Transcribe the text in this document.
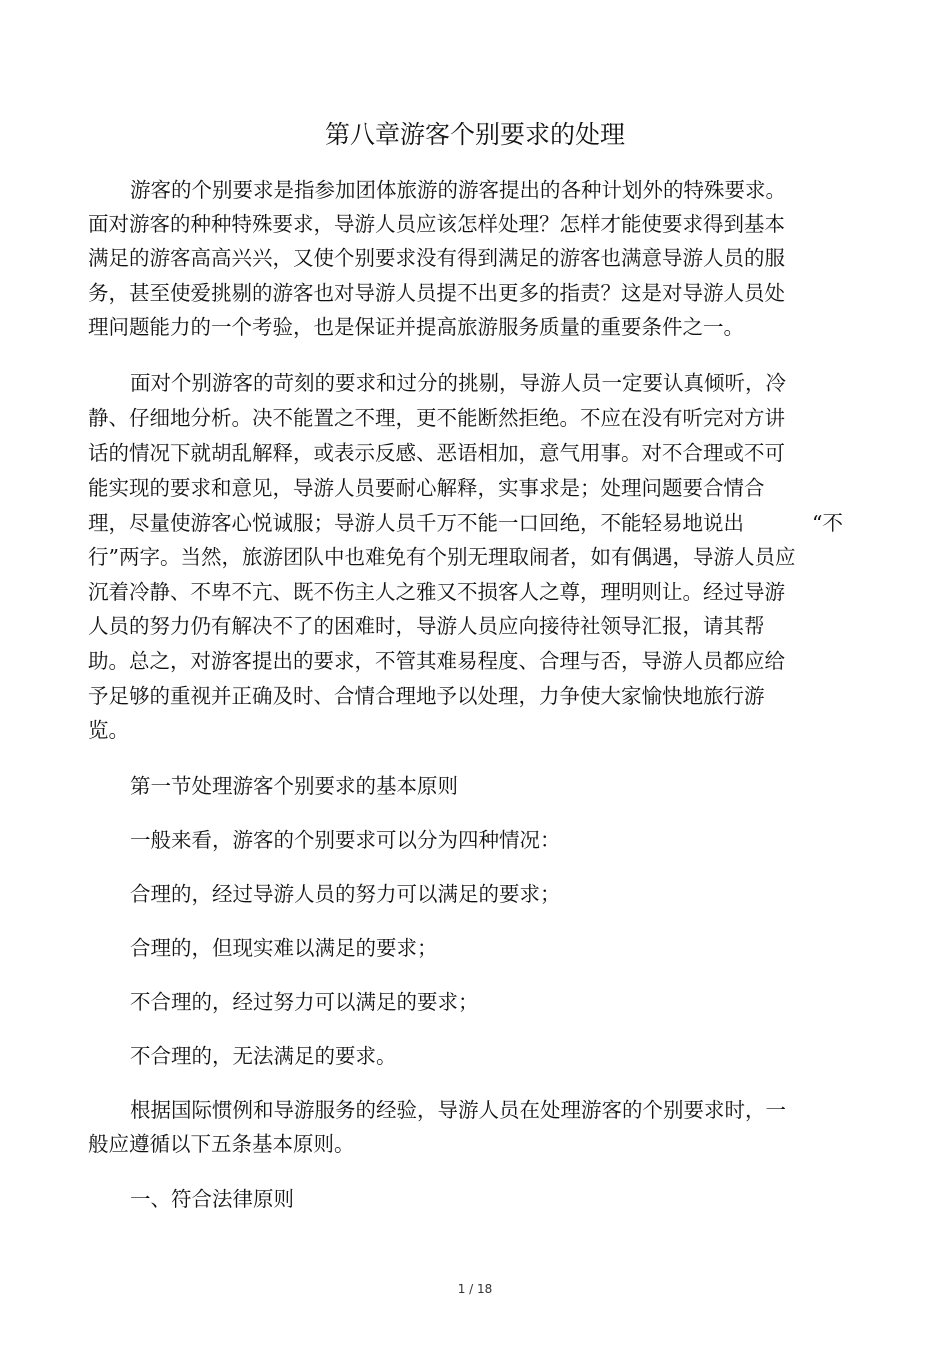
第八章游客个别要求的处理
游客的个别要求是指参加团体旅游的游客提出的各种计划外的特殊要求。
面对游客的种种特殊要求，导游人员应该怎样处理？怎样才能使要求得到基本
满足的游客高高兴兴，又使个别要求没有得到满足的游客也满意导游人员的服
务，甚至使爱挑剔的游客也对导游人员提不出更多的指责？这是对导游人员处
理问题能力的一个考验，也是保证并提高旅游服务质量的重要条件之一。
面对个别游客的苛刻的要求和过分的挑剔，导游人员一定要认真倾听，冷
静、仔细地分析。决不能置之不理，更不能断然拒绝。不应在没有听完对方讲
话的情况下就胡乱解释，或表示反感、恶语相加，意气用事。对不合理或不可
能实现的要求和意见，导游人员要耐心解释，实事求是；处理问题要合情合
理，尽量使游客心悦诚服；导游人员千万不能一口回绝，不能轻易地说出	“不
行”两字。当然，旅游团队中也难免有个别无理取闹者，如有偶遇，导游人员应
沉着冷静、不卑不亢、既不伤主人之雅又不损客人之尊，理明则让。经过导游
人员的努力仍有解决不了的困难时，导游人员应向接待社领导汇报，请其帮
助。总之，对游客提出的要求，不管其难易程度、合理与否，导游人员都应给
予足够的重视并正确及时、合情合理地予以处理，力争使大家愉快地旅行游
览。
第一节处理游客个别要求的基本原则
一般来看，游客的个别要求可以分为四种情况：
合理的，经过导游人员的努力可以满足的要求；
合理的，但现实难以满足的要求；
不合理的，经过努力可以满足的要求；
不合理的，无法满足的要求。
根据国际惯例和导游服务的经验，导游人员在处理游客的个别要求时，一
般应遵循以下五条基本原则。
一、符合法律原则
1 / 18
